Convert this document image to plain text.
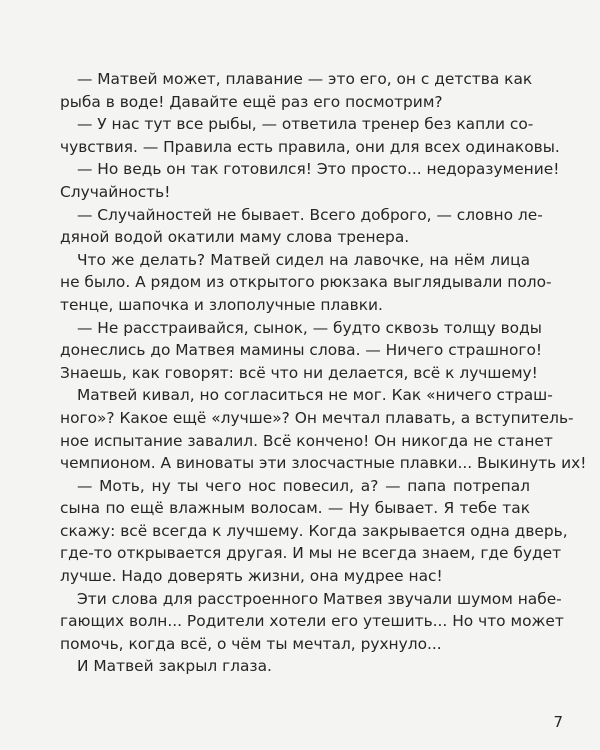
— Матвей может, плавание — это его, он с детства как
рыба в воде! Давайте ещё раз его посмотрим?
— У нас тут все рыбы, — ответила тренер без капли со-
чувствия. — Правила есть правила, они для всех одинаковы.
— Но ведь он так готовился! Это просто... недоразумение!
Случайность!
— Случайностей не бывает. Всего доброго, — словно ле-
дяной водой окатили маму слова тренера.
Что же делать? Матвей сидел на лавочке, на нём лица
не было. А рядом из открытого рюкзака выглядывали поло-
тенце, шапочка и злополучные плавки.
— Не расстраивайся, сынок, — будто сквозь толщу воды
донеслись до Матвея мамины слова. — Ничего страшного!
Знаешь, как говорят: всё что ни делается, всё к лучшему!
Матвей кивал, но согласиться не мог. Как «ничего страш-
ного»? Какое ещё «лучше»? Он мечтал плавать, а вступитель-
ное испытание завалил. Всё кончено! Он никогда не станет
чемпионом. А виноваты эти злосчастные плавки... Выкинуть их!
— Моть, ну ты чего нос повесил, а? — папа потрепал
сына по ещё влажным волосам. — Ну бывает. Я тебе так
скажу: всё всегда к лучшему. Когда закрывается одна дверь,
где-то открывается другая. И мы не всегда знаем, где будет
лучше. Надо доверять жизни, она мудрее нас!
Эти слова для расстроенного Матвея звучали шумом набе-
гающих волн... Родители хотели его утешить... Но что может
помочь, когда всё, о чём ты мечтал, рухнуло...
И Матвей закрыл глаза.
7
